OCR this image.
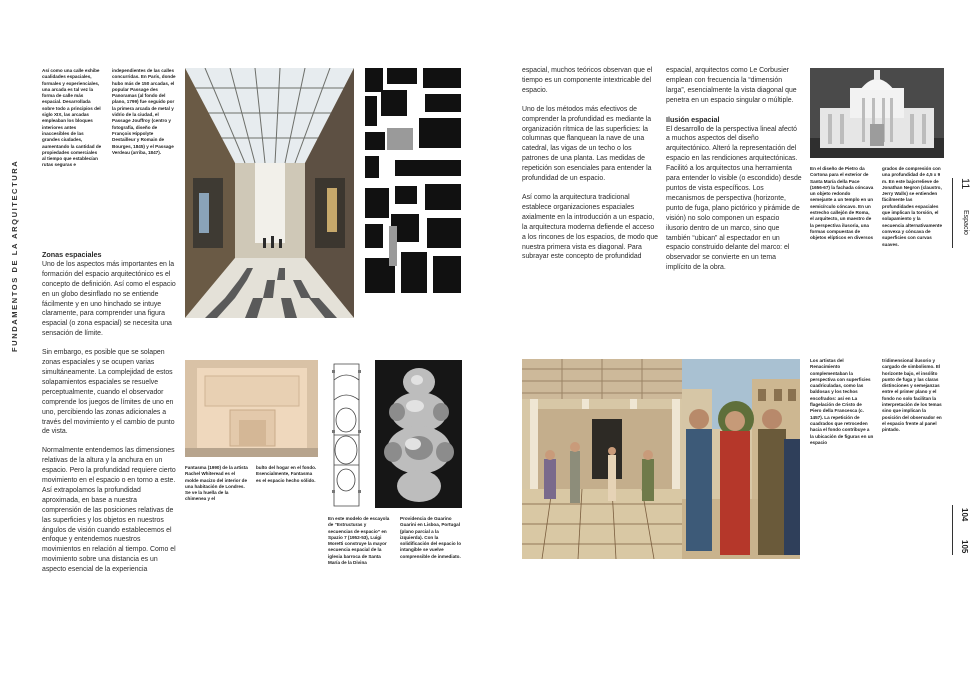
FUNDAMENTOS DE LA ARQUITECTURA	11
Espacio
104
105
Así como una calle exhibe cualidades espaciales, formales y experienciales, una arcada es tal vez la forma de calle más espacial. Desarrollada sobre todo a principios del siglo XIX, las arcadas empleaban los bloques interiores antes inaccesibles de las grandes ciudades, aumentando la cantidad de propiedades comerciales al tiempo que establecían rutas seguras e
independientes de las calles concurridas. En París, donde hubo más de 150 arcadas, el popular Passage des Panoramas (al fondo del plano, 1799) fue seguido por la primera arcada de metal y vidrio de la ciudad, el Passage Jouffroy (centro y fotografía, diseño de François Hippolyte Destailleur y Romain de Bourges, 1845) y el Passage Verdeau (arriba, 1847).
Zonas espaciales

Uno de los aspectos más importantes en la formación del espacio arquitectónico es el concepto de definición. Así como el espacio en un globo desinflado no se entiende fácilmente y en uno hinchado se intuye claramente, para comprender una figura espacial (o zona espacial) se necesita una sensación de límite.

Sin embargo, es posible que se solapen zonas espaciales y se ocupen varias simultáneamente. La complejidad de estos solapamientos espaciales se resuelve perceptualmente, cuando el observador comprende los juegos de límites de uno en uno, percibiendo las zonas adicionales a través del movimiento y el cambio de punto de vista.

Normalmente entendemos las dimensiones relativas de la altura y la anchura en un espacio. Pero la profundidad requiere cierto movimiento en el espacio o en torno a este. Así extrapolamos la profundidad aproximada, en base a nuestra comprensión de las posiciones relativas de las superficies y los objetos en nuestros ángulos de visión cuando establecemos el enfoque y entendemos nuestros movimientos en relación al tiempo. Como el movimiento sobre una distancia es un aspecto esencial de la experiencia

Fantasma (1990) de la artista Rachel Whiteread es el molde macizo del interior de una habitación de Londres. Se ve la huella de la chimenea y el
bulto del hogar en el fondo. Esencialmente, Fantasma es el espacio hecho sólido.
En este modelo de escayola de “Estructuras y secuencias de espacio” en Spazio 7 (1952-53), Luigi Moretti construye la mayor secuencia espacial de la iglesia barroca de Santa María de la Divina
Providencia de Guarino Guarini en Lisboa, Portugal (plano parcial a la izquierda). Con la solidificación del espacio lo intangible se vuelve comprensible de inmediato.

espacial, muchos teóricos observan que el tiempo es un componente intextricable del espacio.

Uno de los métodos más efectivos de comprender la profundidad es mediante la organización rítmica de las superficies: la columnas que flanquean la nave de una catedral, las vigas de un techo o los patrones de una planta. Las medidas de repetición son esenciales para entender la profundidad de un espacio.

Así como la arquitectura tradicional establece organizaciones espaciales axialmente en la introducción a un espacio, la arquitectura moderna defiende el acceso a los rincones de los espacios, de modo que nuestra primera vista es diagonal. Para subrayar este concepto de profundidad

espacial, arquitectos como Le Corbusier emplean con frecuencia la “dimensión larga”, esencialmente la vista diagonal que penetra en un espacio singular o múltiple.

Ilusión espacial

El desarrollo de la perspectiva lineal afectó a muchos aspectos del diseño arquitectónico. Alteró la representación del espacio en las rendiciones arquitectónicas. Facilitó a los arquitectos una herramienta para entender lo visible (o escondido) desde puntos de vista específicos. Los mecanismos de perspectiva (horizonte, punto de fuga, plano pictórico y pirámide de visión) no solo componen un espacio ilusorio dentro de un marco, sino que también “ubican” al espectador en un espacio construido delante del marco: el observador se convierte en un tema implícito de la obra.

En el diseño de Pietro da Cortona para el exterior de Santa María della Pace (1656-67) la fachada cóncava un objeto redondo semejante a un templo en un semicírculo cóncavo. En un estrecho callejón de Roma, el arquitecto, un maestro de la perspectiva ilusoria, una formas compuestas de objetos elípticos en diversos
grados de compresión con una profundidad de 4,5 x 9 m. En este bajorrelieve de Jonathan Negron (claustro, Jerry Walls) se entienden fácilmente las profundidades espaciales que implican la torsión, el solapamiento y la secuencia alternativamente convexa y cóncava de superficies con curvas suaves.
Los artistas del Renacimiento complementaban la perspectiva con superficies cuadriculadas, como las baldosas y los techos encofrados: así en La flagelación de Cristo de Piero della Francesca (c. 1457). La repetición de cuadrados que retroceden hacia el fondo contribuye a la ubicación de figuras en un espacio
tridimensional ilusorio y cargado de simbolismo. El horizonte bajo, el insólito punto de fuga y las claras distinciones y semejanzas entre el primer plano y el fondo no solo facilitan la interpretación de los temas sino que implican la posición del observador en el espacio frente al panel pintado.
